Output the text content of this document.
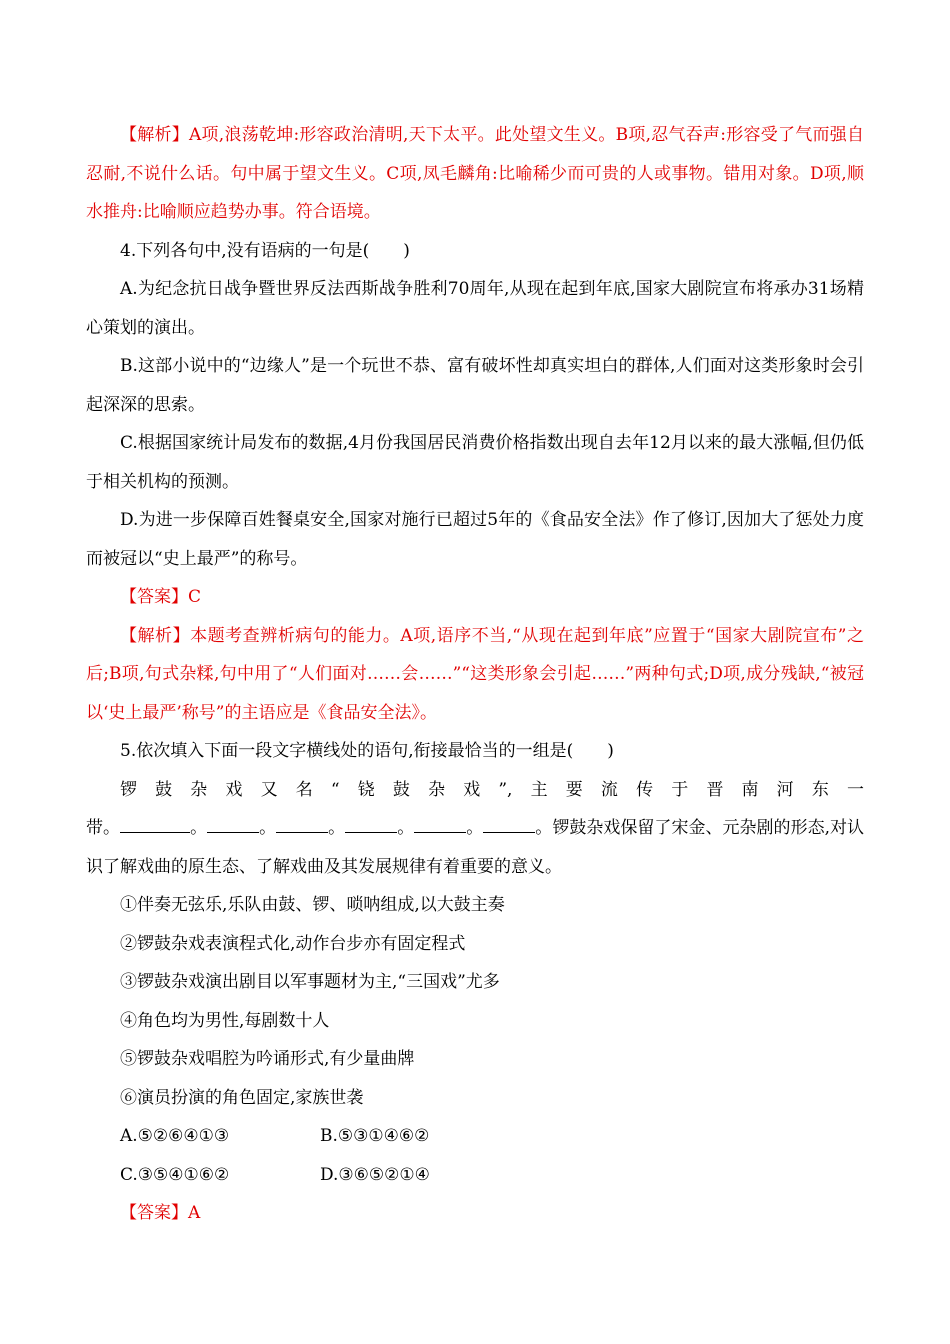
【解析】A项,浪荡乾坤:形容政治清明,天下太平。此处望文生义。B项,忍气吞声:形容受了气而强自忍耐,不说什么话。句中属于望文生义。C项,凤毛麟角:比喻稀少而可贵的人或事物。错用对象。D项,顺水推舟:比喻顺应趋势办事。符合语境。

4.下列各句中,没有语病的一句是(　　)

A.为纪念抗日战争暨世界反法西斯战争胜利70周年,从现在起到年底,国家大剧院宣布将承办31场精心策划的演出。

B.这部小说中的“边缘人”是一个玩世不恭、富有破坏性却真实坦白的群体,人们面对这类形象时会引起深深的思索。

C.根据国家统计局发布的数据,4月份我国居民消费价格指数出现自去年12月以来的最大涨幅,但仍低于相关机构的预测。

D.为进一步保障百姓餐桌安全,国家对施行已超过5年的《食品安全法》作了修订,因加大了惩处力度而被冠以“史上最严”的称号。

【答案】C

【解析】本题考查辨析病句的能力。A项,语序不当,“从现在起到年底”应置于“国家大剧院宣布”之后;B项,句式杂糅,句中用了“人们面对……会……”“这类形象会引起……”两种句式;D项,成分残缺,“被冠以‘史上最严’称号”的主语应是《食品安全法》。

5.依次填入下面一段文字横线处的语句,衔接最恰当的一组是(　　)

锣鼓杂戏又名“铙鼓杂戏”,主要流传于晋南河东一

带。	。	。	。	。	。	。锣鼓杂戏保留了宋金、元杂剧的形态,对认识了解戏曲的原生态、了解戏曲及其发展规律有着重要的意义。

①伴奏无弦乐,乐队由鼓、锣、唢呐组成,以大鼓主奏

②锣鼓杂戏表演程式化,动作台步亦有固定程式

③锣鼓杂戏演出剧目以军事题材为主,“三国戏”尤多

④角色均为男性,每剧数十人

⑤锣鼓杂戏唱腔为吟诵形式,有少量曲牌

⑥演员扮演的角色固定,家族世袭

A.⑤②⑥④①③	B.⑤③①④⑥②
C.③⑤④①⑥②	D.③⑥⑤②①④

【答案】A
